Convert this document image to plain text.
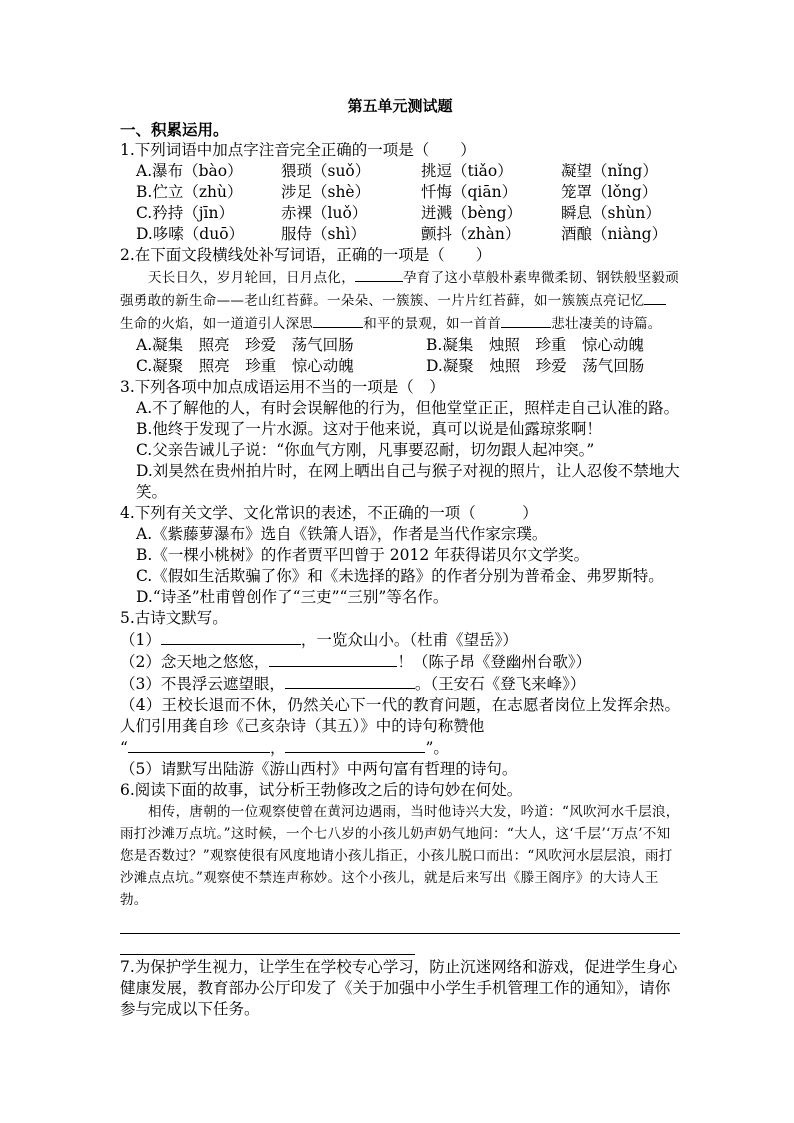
第五单元测试题
一、积累运用。
1.下列词语中加点字注音完全正确的一项是（　　）
A.瀑布（bào）	猥琐（suǒ）	挑逗（tiǎo）	凝望（nǐng）
B.伫立（zhù）	涉足（shè）	忏悔（qiān）	笼罩（lǒng）
C.矜持（jīn）	赤裸（luǒ）	迸溅（bèng）	瞬息（shùn）
D.哆嗦（duō）	服侍（shì）	颤抖（zhàn）	酒酿（niàng）
2.在下面文段横线处补写词语，正确的一项是（　　）
天长日久，岁月轮回，日月点化，	孕育了这小草般朴素卑微柔韧、钢铁般坚毅顽强勇敢的新生命——老山红苔藓。一朵朵、一簇簇、一片片红苔藓，如一簇簇点亮记忆生命的火焰，如一道道引人深思	和平的景观，如一首首	悲壮凄美的诗篇。
A.凝集　照亮　珍爱　荡气回肠	B.凝集　烛照　珍重　惊心动魄
C.凝聚　照亮　珍重　惊心动魄	D.凝聚　烛照　珍爱　荡气回肠
3.下列各项中加点成语运用不当的一项是（　）
A.不了解他的人，有时会误解他的行为，但他堂堂正正，照样走自己认准的路。
B.他终于发现了一片水源。这对于他来说，真可以说是仙露琼浆啊！
C.父亲告诫儿子说：“你血气方刚，凡事要忍耐，切勿跟人起冲突。”
D.刘昊然在贵州拍片时，在网上晒出自己与猴子对视的照片，让人忍俊不禁地大笑。
4.下列有关文学、文化常识的表述，不正确的一项（　　　）
A.《紫藤萝瀑布》选自《铁箫人语》，作者是当代作家宗璞。
B.《一棵小桃树》的作者贾平凹曾于 2012 年获得诺贝尔文学奖。
C.《假如生活欺骗了你》和《未选择的路》的作者分别为普希金、弗罗斯特。
D.“诗圣”杜甫曾创作了“三吏”“三别”等名作。
5.古诗文默写。
（1）	，一览众山小。（杜甫《望岳》）
（2）念天地之悠悠，	！（陈子昂《登幽州台歌》）
（3）不畏浮云遮望眼，	。（王安石《登飞来峰》）
（4）王校长退而不休，仍然关心下一代的教育问题，在志愿者岗位上发挥余热。人们引用龚自珍《己亥杂诗（其五）》中的诗句称赞他
“	，	”。
（5）请默写出陆游《游山西村》中两句富有哲理的诗句。
6.阅读下面的故事，试分析王勃修改之后的诗句妙在何处。
相传，唐朝的一位观察使曾在黄河边遇雨，当时他诗兴大发，吟道：“风吹河水千层浪，雨打沙滩万点坑。”这时候，一个七八岁的小孩儿奶声奶气地问：“大人，这‘千层’‘万点’不知您是否数过？”观察使很有风度地请小孩儿指正，小孩儿脱口而出：“风吹河水层层浪，雨打沙滩点点坑。”观察使不禁连声称妙。这个小孩儿，就是后来写出《滕王阁序》的大诗人王勃。
7.为保护学生视力，让学生在学校专心学习，防止沉迷网络和游戏，促进学生身心健康发展，教育部办公厅印发了《关于加强中小学生手机管理工作的通知》，请你参与完成以下任务。
